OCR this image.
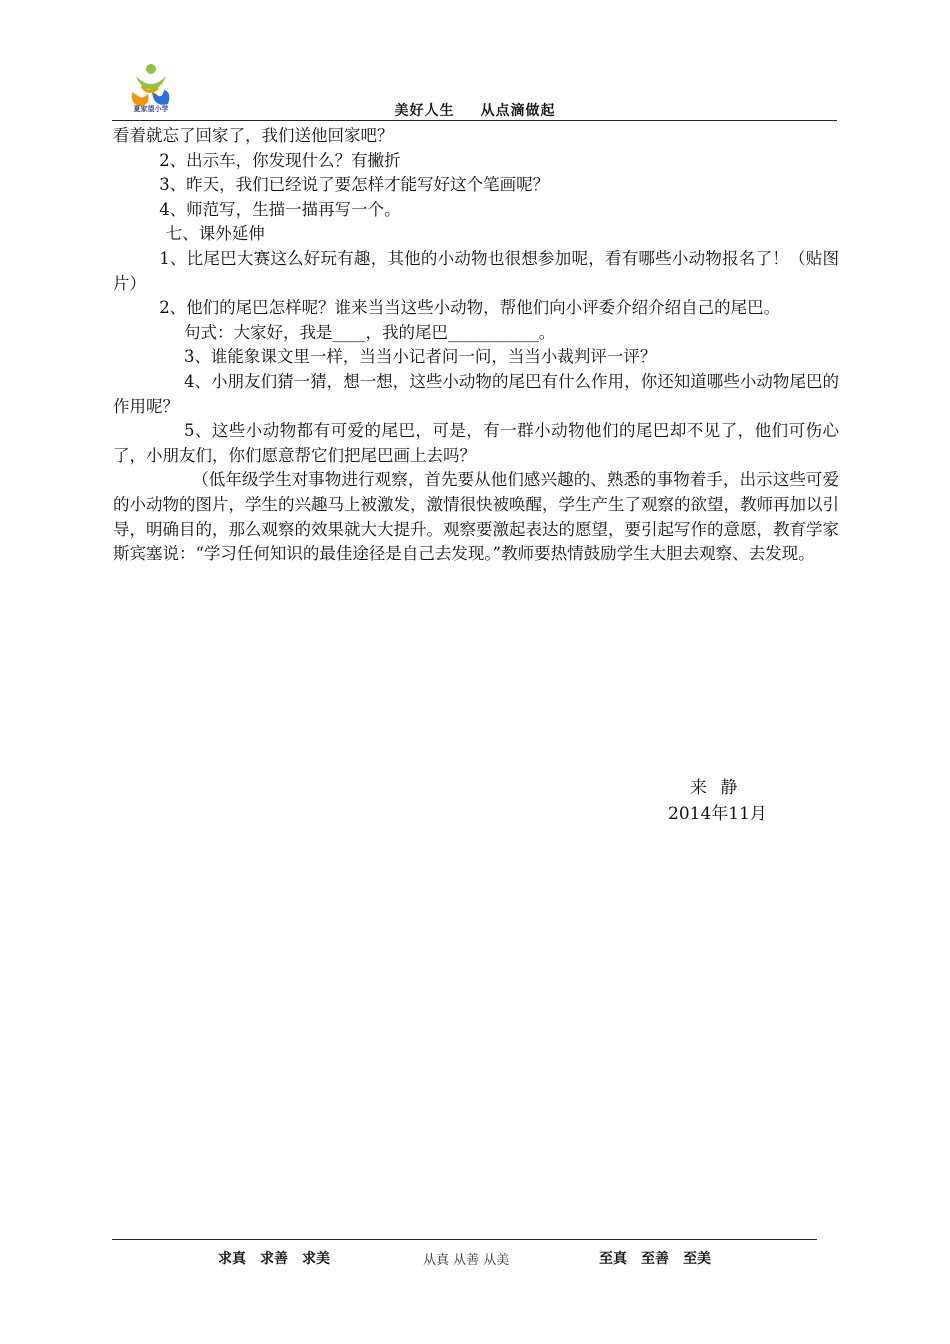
夏家望小学	美好人生 从点滴做起

看着就忘了回家了，我们送他回家吧？

2、出示车，你发现什么？有撇折

3、昨天，我们已经说了要怎样才能写好这个笔画呢？

4、师范写，生描一描再写一个。

七、课外延伸

1、比尾巴大赛这么好玩有趣，其他的小动物也很想参加呢，看有哪些小动物报名了！（贴图片）

2、他们的尾巴怎样呢？谁来当当这些小动物，帮他们向小评委介绍介绍自己的尾巴。

句式：大家好，我是____，我的尾巴___________。

3、谁能象课文里一样，当当小记者问一问，当当小裁判评一评？

4、小朋友们猜一猜，想一想，这些小动物的尾巴有什么作用，你还知道哪些小动物尾巴的作用呢？

5、这些小动物都有可爱的尾巴，可是，有一群小动物他们的尾巴却不见了，他们可伤心了，小朋友们，你们愿意帮它们把尾巴画上去吗？

（低年级学生对事物进行观察，首先要从他们感兴趣的、熟悉的事物着手，出示这些可爱的小动物的图片，学生的兴趣马上被激发，激情很快被唤醒，学生产生了观察的欲望，教师再加以引导，明确目的，那么观察的效果就大大提升。观察要激起表达的愿望，要引起写作的意愿，教育学家斯宾塞说：“学习任何知识的最佳途径是自己去发现。”教师要热情鼓励学生大胆去观察、去发现。

来 静
2014年11月
求真　求善　求美	从真 从善 从美	至真　至善　至美
